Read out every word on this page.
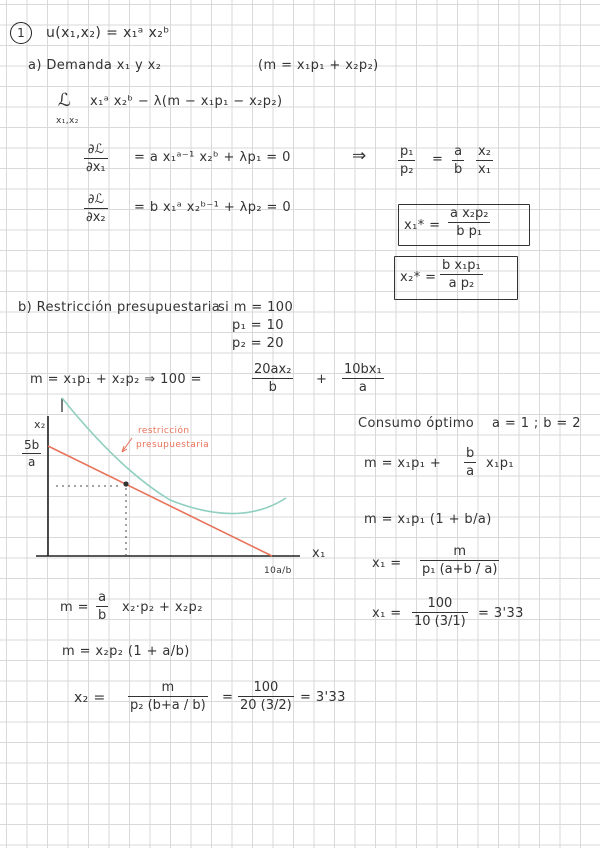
1	u(x₁,x₂) = x₁ᵃ x₂ᵇ
a) Demanda x₁ y x₂	(m = x₁p₁ + x₂p₂)
ℒ
x₁,x₂
x₁ᵃ x₂ᵇ − λ(m − x₁p₁ − x₂p₂)
∂ℒ
∂x₁
= a x₁ᵃ⁻¹ x₂ᵇ + λp₁ = 0	⇒	p₁
p₂
=
a
b
x₂
x₁
∂ℒ
∂x₂
= b x₁ᵃ x₂ᵇ⁻¹ + λp₂ = 0
x₁* =
a x₂p₂
b p₁
x₂* =
b x₁p₁
a p₂
b) Restricción presupuestaria
si m = 100
p₁ = 10
p₂ = 20
m = x₁p₁ + x₂p₂ ⇒ 100 =
20ax₂
b
+
10bx₁
a
x₂
5b
a
restricción
presupuestaria
10a/b
x₁
Consumo óptimo a = 1 ; b = 2
m = x₁p₁ +
b
a
x₁p₁
m = x₁p₁ (1 + b/a)
x₁ =
m
p₁ (a+b / a)
x₁ =
100
10 (3/1)
= 3'33
m =
a
b
x₂·p₂ + x₂p₂
m = x₂p₂ (1 + a/b)
x₂ =
m
p₂ (b+a / b)
=
100
20 (3/2)
= 3'33
